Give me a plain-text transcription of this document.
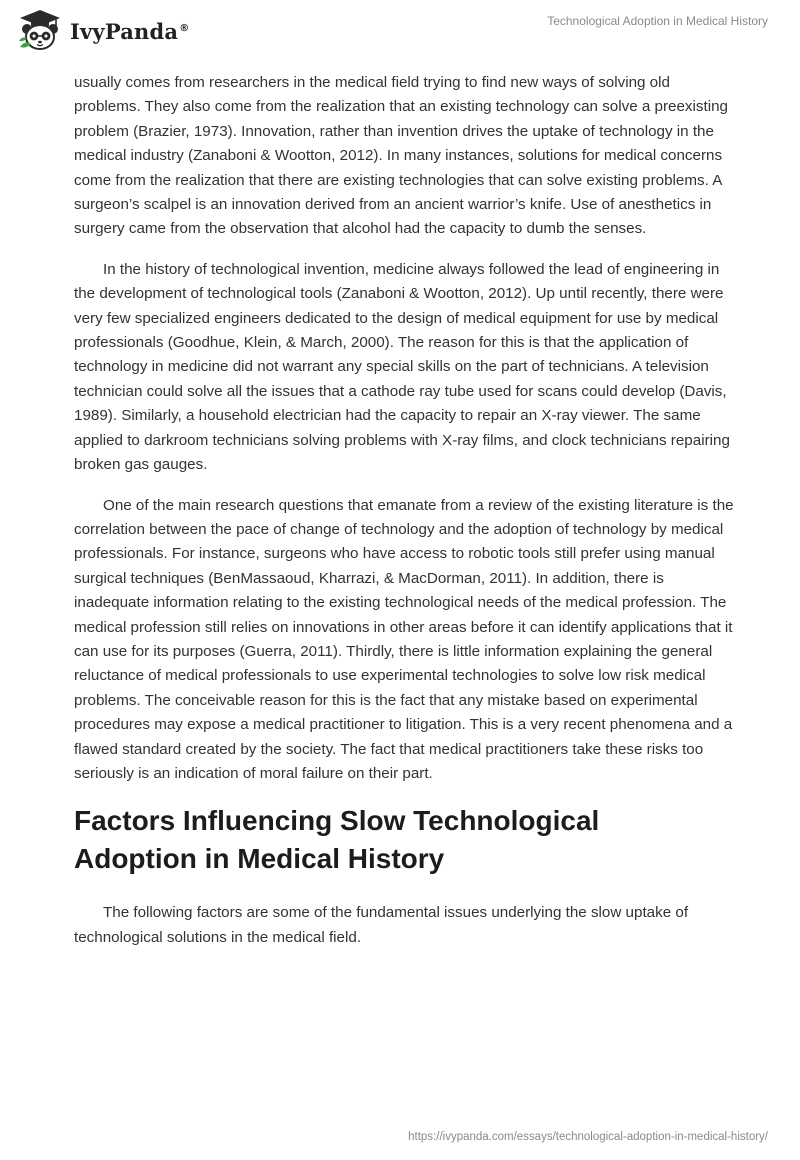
IvyPanda®	Technological Adoption in Medical History

usually comes from researchers in the medical field trying to find new ways of solving old problems. They also come from the realization that an existing technology can solve a preexisting problem (Brazier, 1973). Innovation, rather than invention drives the uptake of technology in the medical industry (Zanaboni & Wootton, 2012). In many instances, solutions for medical concerns come from the realization that there are existing technologies that can solve existing problems. A surgeon’s scalpel is an innovation derived from an ancient warrior’s knife. Use of anesthetics in surgery came from the observation that alcohol had the capacity to dumb the senses.

In the history of technological invention, medicine always followed the lead of engineering in the development of technological tools (Zanaboni & Wootton, 2012). Up until recently, there were very few specialized engineers dedicated to the design of medical equipment for use by medical professionals (Goodhue, Klein, & March, 2000). The reason for this is that the application of technology in medicine did not warrant any special skills on the part of technicians. A television technician could solve all the issues that a cathode ray tube used for scans could develop (Davis, 1989). Similarly, a household electrician had the capacity to repair an X-ray viewer. The same applied to darkroom technicians solving problems with X-ray films, and clock technicians repairing broken gas gauges.

One of the main research questions that emanate from a review of the existing literature is the correlation between the pace of change of technology and the adoption of technology by medical professionals. For instance, surgeons who have access to robotic tools still prefer using manual surgical techniques (BenMassaoud, Kharrazi, & MacDorman, 2011). In addition, there is inadequate information relating to the existing technological needs of the medical profession. The medical profession still relies on innovations in other areas before it can identify applications that it can use for its purposes (Guerra, 2011). Thirdly, there is little information explaining the general reluctance of medical professionals to use experimental technologies to solve low risk medical problems. The conceivable reason for this is the fact that any mistake based on experimental procedures may expose a medical practitioner to litigation. This is a very recent phenomena and a flawed standard created by the society. The fact that medical practitioners take these risks too seriously is an indication of moral failure on their part.

Factors Influencing Slow Technological Adoption in Medical History

The following factors are some of the fundamental issues underlying the slow uptake of technological solutions in the medical field.

https://ivypanda.com/essays/technological-adoption-in-medical-history/
